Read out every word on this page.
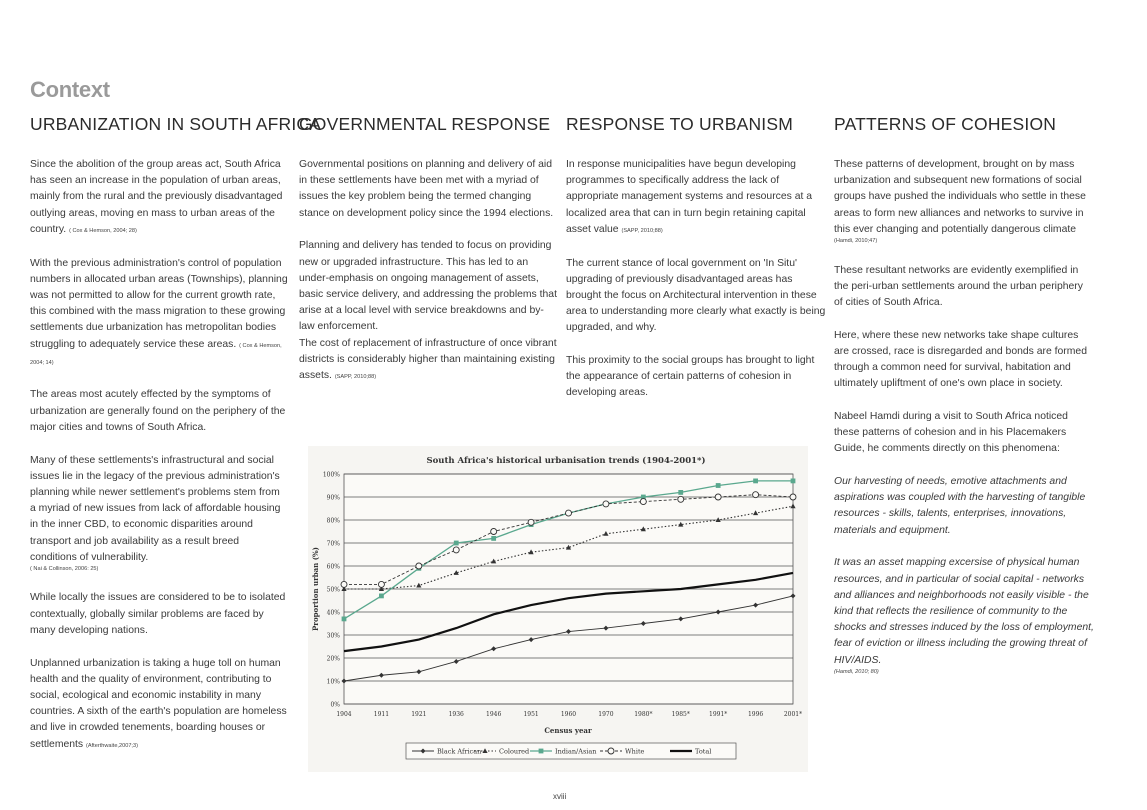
Context
URBANIZATION IN SOUTH AFRICA

Since the abolition of the group areas act, South Africa has seen an increase in the population of urban areas, mainly from the rural and the previously disadvantaged outlying areas, moving en mass to urban areas of the country. ( Cox & Hemson, 2004; 28)

With the previous administration's control of population numbers in allocated urban areas (Townships), planning was not permitted to allow for the current growth rate, this combined with the mass migration to these growing settlements due urbanization has metropolitan bodies struggling to adequately service these areas. ( Cox & Hemson, 2004; 14)

The areas most acutely effected by the symptoms of urbanization are generally found on the periphery of the major cities and towns of South Africa.

Many of these settlements's infrastructural and social issues lie in the legacy of the previous administration's planning while newer settlement's problems stem from a myriad of new issues from lack of affordable housing in the inner CBD, to economic disparities around transport and job availability as a result breed conditions of vulnerability.
( Nai & Collinson, 2006: 25)

While locally the issues are considered to be to isolated contextually, globally similar problems are faced by many developing nations.

Unplanned urbanization is taking a huge toll on human health and the quality of environment, contributing to social, ecological and economic instability in many countries. A sixth of the earth's population are homeless and live in crowded tenements, boarding houses or settlements (Afterthwaite,2007;3)

GOVERNMENTAL RESPONSE

Governmental positions on planning and delivery of aid in these settlements have been met with a myriad of issues the key problem being the termed changing stance on development policy since the 1994 elections.

Planning and delivery has tended to focus on providing new or upgraded infrastructure. This has led to an under-emphasis on ongoing management of assets, basic service delivery, and addressing the problems that arise at a local level with service breakdowns and by-law enforcement.

The cost of replacement of infrastructure of once vibrant districts is considerably higher than maintaining existing assets. (SAPP, 2010;88)

RESPONSE TO URBANISM

In response municipalities have begun developing programmes to specifically address the lack of appropriate management systems and resources at a localized area that can in turn begin retaining capital asset value (SAPP, 2010;88)

The current stance of local government on 'In Situ' upgrading of previously disadvantaged areas has brought the focus on Architectural intervention in these area to understanding more clearly what exactly is being upgraded, and why.

This proximity to the social groups has brought to light the appearance of certain patterns of cohesion in developing areas.

PATTERNS OF COHESION

These patterns of development, brought on by mass urbanization and subsequent new formations of social groups have pushed the individuals who settle in these areas to form new alliances and networks to survive in this ever changing and potentially dangerous climate
(Hamdi, 2010;47)

These resultant networks are evidently exemplified in the peri-urban settlements around the urban periphery of cities of South Africa.

Here, where these new networks take shape cultures are crossed, race is disregarded and bonds are formed through a common need for survival, habitation and ultimately upliftment of one's own place in society.

Nabeel Hamdi during a visit to South Africa noticed these patterns of cohesion and in his Placemakers Guide, he comments directly on this phenomena:

Our harvesting of needs, emotive attachments and aspirations was coupled with the harvesting of tangible resources - skills, talents, enterprises, innovations, materials and equipment.

It was an asset mapping excersise of physical human resources, and in particular of social capital - networks and alliances and neighborhoods not easily visible - the kind that reflects the resilience of community to the shocks and stresses induced by the loss of employment, fear of eviction or illness including the growing threat of HIV/AIDS.
(Hamdi, 2010; 80)

0%
10%
20%
30%
40%
50%
60%
70%
80%
90%
100%
1904	1911	1921	1936	1946	1951	1960	1970	1980*	1985*	1991*	1996	2001*
South Africa's historical urbanisation trends (1904-2001*)
Census year
Proportion urban (%)
Black African	Coloured	Indian/Asian	White	Total
xviii
